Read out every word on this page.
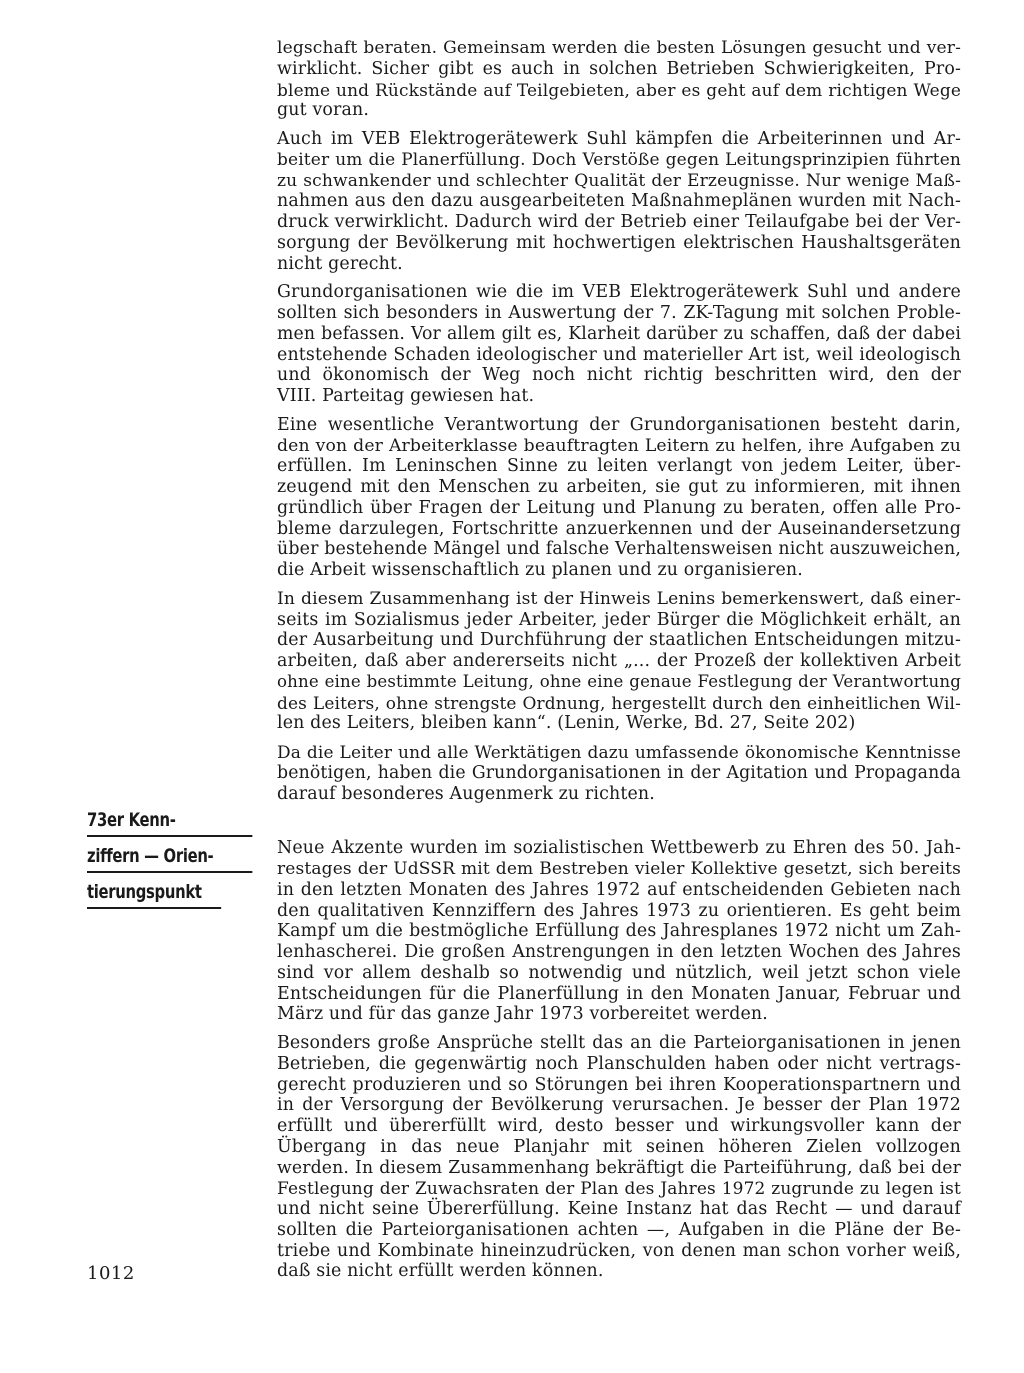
73er Kenn-
ziffern — Orien-
tierungspunkt

legschaft beraten. Gemeinsam werden die besten Lösungen gesucht und ver-
wirklicht. Sicher gibt es auch in solchen Betrieben Schwierigkeiten, Pro-
bleme und Rückstände auf Teilgebieten, aber es geht auf dem richtigen Wege
gut voran.

Auch im VEB Elektrogerätewerk Suhl kämpfen die Arbeiterinnen und Ar-
beiter um die Planerfüllung. Doch Verstöße gegen Leitungsprinzipien führten
zu schwankender und schlechter Qualität der Erzeugnisse. Nur wenige Maß-
nahmen aus den dazu ausgearbeiteten Maßnahmeplänen wurden mit Nach-
druck verwirklicht. Dadurch wird der Betrieb einer Teilaufgabe bei der Ver-
sorgung der Bevölkerung mit hochwertigen elektrischen Haushaltsgeräten
nicht gerecht.

Grundorganisationen wie die im VEB Elektrogerätewerk Suhl und andere
sollten sich besonders in Auswertung der 7. ZK-Tagung mit solchen Proble-
men befassen. Vor allem gilt es, Klarheit darüber zu schaffen, daß der dabei
entstehende Schaden ideologischer und materieller Art ist, weil ideologisch
und ökonomisch der Weg noch nicht richtig beschritten wird, den der
VIII. Parteitag gewiesen hat.

Eine wesentliche Verantwortung der Grundorganisationen besteht darin,
den von der Arbeiterklasse beauftragten Leitern zu helfen, ihre Aufgaben zu
erfüllen. Im Leninschen Sinne zu leiten verlangt von jedem Leiter, über-
zeugend mit den Menschen zu arbeiten, sie gut zu informieren, mit ihnen
gründlich über Fragen der Leitung und Planung zu beraten, offen alle Pro-
bleme darzulegen, Fortschritte anzuerkennen und der Auseinandersetzung
über bestehende Mängel und falsche Verhaltensweisen nicht auszuweichen,
die Arbeit wissenschaftlich zu planen und zu organisieren.

In diesem Zusammenhang ist der Hinweis Lenins bemerkenswert, daß einer-
seits im Sozialismus jeder Arbeiter, jeder Bürger die Möglichkeit erhält, an
der Ausarbeitung und Durchführung der staatlichen Entscheidungen mitzu-
arbeiten, daß aber andererseits nicht „... der Prozeß der kollektiven Arbeit
ohne eine bestimmte Leitung, ohne eine genaue Festlegung der Verantwortung
des Leiters, ohne strengste Ordnung, hergestellt durch den einheitlichen Wil-
len des Leiters, bleiben kann“. (Lenin, Werke, Bd. 27, Seite 202)

Da die Leiter und alle Werktätigen dazu umfassende ökonomische Kenntnisse
benötigen, haben die Grundorganisationen in der Agitation und Propaganda
darauf besonderes Augenmerk zu richten.

Neue Akzente wurden im sozialistischen Wettbewerb zu Ehren des 50. Jah-
restages der UdSSR mit dem Bestreben vieler Kollektive gesetzt, sich bereits
in den letzten Monaten des Jahres 1972 auf entscheidenden Gebieten nach
den qualitativen Kennziffern des Jahres 1973 zu orientieren. Es geht beim
Kampf um die bestmögliche Erfüllung des Jahresplanes 1972 nicht um Zah-
lenhascherei. Die großen Anstrengungen in den letzten Wochen des Jahres
sind vor allem deshalb so notwendig und nützlich, weil jetzt schon viele
Entscheidungen für die Planerfüllung in den Monaten Januar, Februar und
März und für das ganze Jahr 1973 vorbereitet werden.

Besonders große Ansprüche stellt das an die Parteiorganisationen in jenen
Betrieben, die gegenwärtig noch Planschulden haben oder nicht vertrags-
gerecht produzieren und so Störungen bei ihren Kooperationspartnern und
in der Versorgung der Bevölkerung verursachen. Je besser der Plan 1972
erfüllt und übererfüllt wird, desto besser und wirkungsvoller kann der
Übergang in das neue Planjahr mit seinen höheren Zielen vollzogen
werden. In diesem Zusammenhang bekräftigt die Parteiführung, daß bei der
Festlegung der Zuwachsraten der Plan des Jahres 1972 zugrunde zu legen ist
und nicht seine Übererfüllung. Keine Instanz hat das Recht — und darauf
sollten die Parteiorganisationen achten —, Aufgaben in die Pläne der Be-
triebe und Kombinate hineinzudrücken, von denen man schon vorher weiß,
daß sie nicht erfüllt werden können.

1012
